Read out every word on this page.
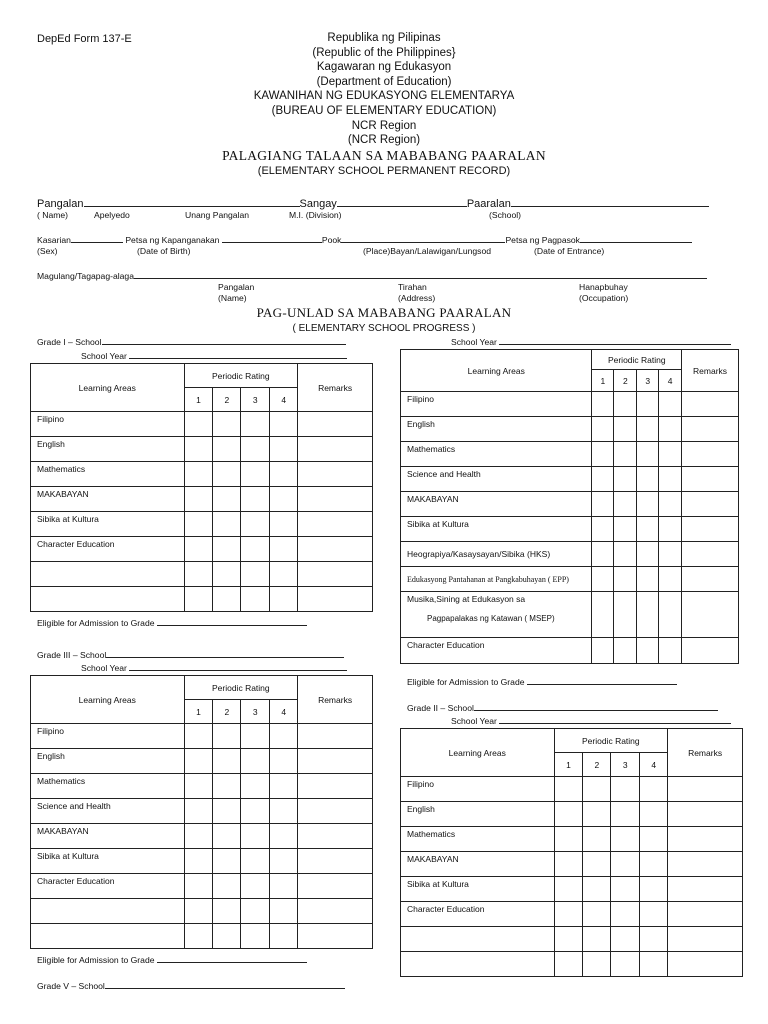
DepEd Form 137-E	Republika ng Pilipinas
(Republic of the Philippines}
Kagawaran ng Edukasyon
(Department of Education)
KAWANIHAN NG EDUKASYONG ELEMENTARYA
(BUREAU OF ELEMENTARY EDUCATION)
NCR Region
(NCR Region)
PALAGIANG TALAAN SA MABABANG PAARALAN
(ELEMENTARY SCHOOL PERMANENT RECORD)
Pangalan	Sangay	Paaralan
( Name)	Apelyedo	Unang Pangalan	M.I. (Division)	(School)
Kasarian	Petsa ng Kapanganakan	Pook	Petsa ng Pagpasok
(Sex)	(Date of Birth)	(Place)Bayan/Lalawigan/Lungsod	(Date of Entrance)
Magulang/Tagapag-alaga
Pangalan
(Name)
Tirahan
(Address)
Hanapbuhay
(Occupation)
PAG-UNLAD SA MABABANG PAARALAN
( ELEMENTARY SCHOOL PROGRESS )
Grade I – School
School Year
Learning Areas	Periodic Rating				Remarks
	1	2	3	4	
Filipino					
English					
Mathematics					
MAKABAYAN					
Sibika at Kultura					
Character Education					

Eligible for Admission to Grade
School Year
Learning Areas	Periodic Rating				Remarks
	1	2	3	4	
Filipino					
English					
Mathematics					
Science and Health					
MAKABAYAN					
Sibika at Kultura					
Heograpiya/Kasaysayan/Sibika (HKS)					
Edukasyong Pantahanan at Pangkabuhayan ( EPP)					

Musika,Sining at Edukasyon sa
Pagpapalakas ng Katawan ( MSEP)					

Character Education					
Eligible for Admission to Grade
Grade III – School
School Year
Learning Areas	Periodic Rating				Remarks
	1	2	3	4	
Filipino					
English					
Mathematics					
Science and Health					
MAKABAYAN					
Sibika at Kultura					
Character Education					

Eligible for Admission to Grade
Grade V – School
Grade II – School
School Year
Learning Areas	Periodic Rating				Remarks
	1	2	3	4	
Filipino					
English					
Mathematics					
MAKABAYAN					
Sibika at Kultura					
Character Education					
